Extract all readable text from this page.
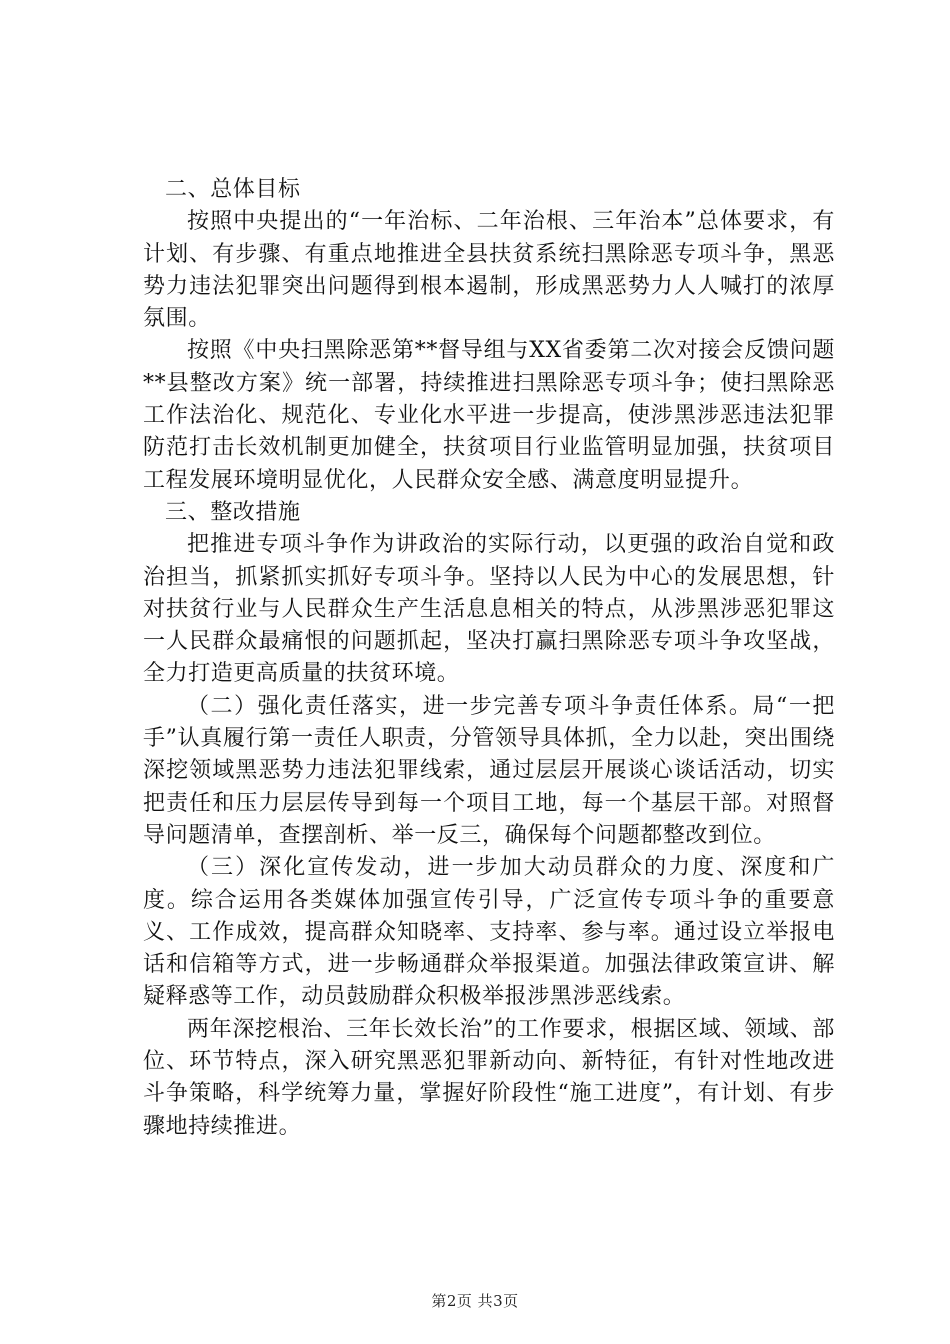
二、总体目标

按照中央提出的“一年治标、二年治根、三年治本”总体要求，有计划、有步骤、有重点地推进全县扶贫系统扫黑除恶专项斗争，黑恶势力违法犯罪突出问题得到根本遏制，形成黑恶势力人人喊打的浓厚氛围。

按照《中央扫黑除恶第**督导组与XX省委第二次对接会反馈问题**县整改方案》统一部署，持续推进扫黑除恶专项斗争；使扫黑除恶工作法治化、规范化、专业化水平进一步提高，使涉黑涉恶违法犯罪防范打击长效机制更加健全，扶贫项目行业监管明显加强，扶贫项目工程发展环境明显优化，人民群众安全感、满意度明显提升。

三、整改措施

把推进专项斗争作为讲政治的实际行动，以更强的政治自觉和政治担当，抓紧抓实抓好专项斗争。坚持以人民为中心的发展思想，针对扶贫行业与人民群众生产生活息息相关的特点，从涉黑涉恶犯罪这一人民群众最痛恨的问题抓起，坚决打赢扫黑除恶专项斗争攻坚战，全力打造更高质量的扶贫环境。

（二）强化责任落实，进一步完善专项斗争责任体系。局“一把手”认真履行第一责任人职责，分管领导具体抓，全力以赴，突出围绕深挖领域黑恶势力违法犯罪线索，通过层层开展谈心谈话活动，切实把责任和压力层层传导到每一个项目工地，每一个基层干部。对照督导问题清单，查摆剖析、举一反三，确保每个问题都整改到位。

（三）深化宣传发动，进一步加大动员群众的力度、深度和广度。综合运用各类媒体加强宣传引导，广泛宣传专项斗争的重要意义、工作成效，提高群众知晓率、支持率、参与率。通过设立举报电话和信箱等方式，进一步畅通群众举报渠道。加强法律政策宣讲、解疑释惑等工作，动员鼓励群众积极举报涉黑涉恶线索。

两年深挖根治、三年长效长治”的工作要求，根据区域、领域、部位、环节特点，深入研究黑恶犯罪新动向、新特征，有针对性地改进斗争策略，科学统筹力量，掌握好阶段性“施工进度”，有计划、有步骤地持续推进。

第2页 共3页
